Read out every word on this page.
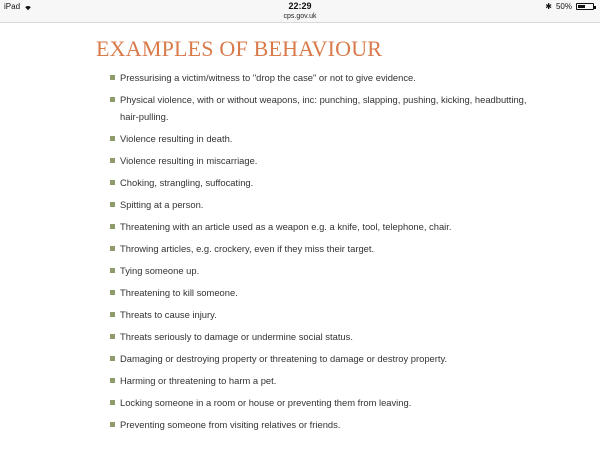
iPad	22:29	✱ 50%
cps.gov.uk
EXAMPLES OF BEHAVIOUR
Pressurising a victim/witness to "drop the case" or not to give evidence.
Physical violence, with or without weapons, inc: punching, slapping, pushing, kicking, headbutting, hair-pulling.
Violence resulting in death.
Violence resulting in miscarriage.
Choking, strangling, suffocating.
Spitting at a person.
Threatening with an article used as a weapon e.g. a knife, tool, telephone, chair.
Throwing articles, e.g. crockery, even if they miss their target.
Tying someone up.
Threatening to kill someone.
Threats to cause injury.
Threats seriously to damage or undermine social status.
Damaging or destroying property or threatening to damage or destroy property.
Harming or threatening to harm a pet.
Locking someone in a room or house or preventing them from leaving.
Preventing someone from visiting relatives or friends.
